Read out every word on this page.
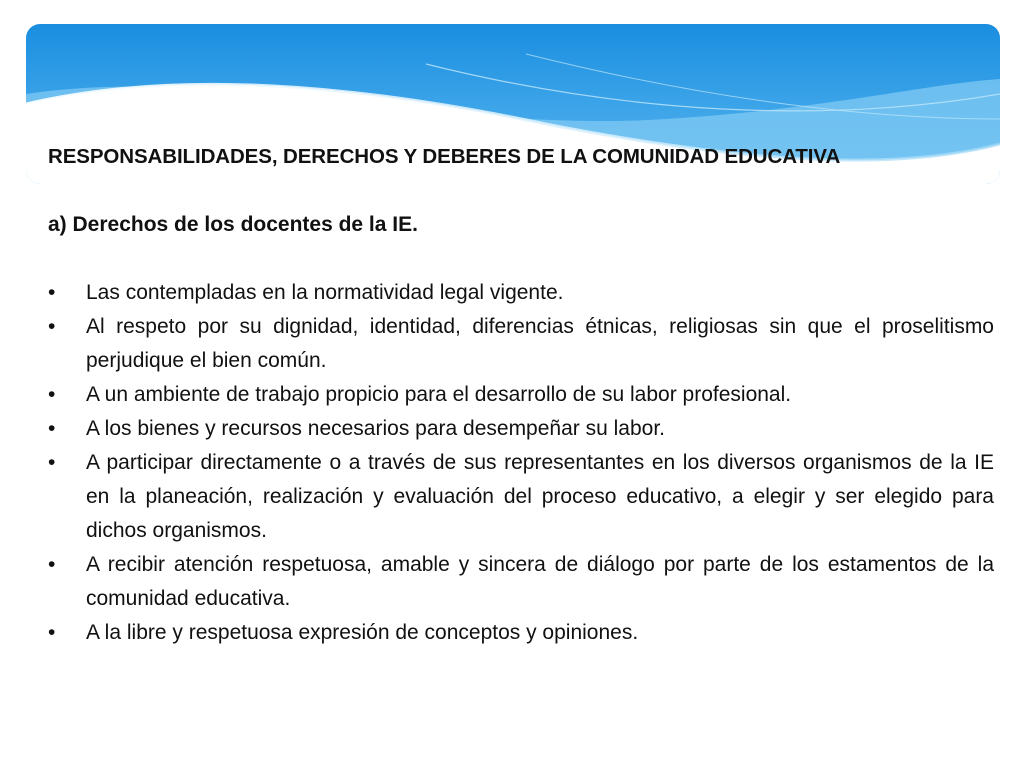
RESPONSABILIDADES, DERECHOS Y DEBERES DE LA COMUNIDAD EDUCATIVA
a) Derechos de los docentes de la IE.
•	Las contempladas en la normatividad legal vigente.
•	Al respeto por su dignidad, identidad, diferencias étnicas, religiosas sin que el proselitismo perjudique el bien común.
•	A un ambiente de trabajo propicio para el desarrollo de su labor profesional.
•	A los bienes y recursos necesarios para desempeñar su labor.
•	A participar directamente o a través de sus representantes en los diversos organismos de la IE en la planeación, realización y evaluación del proceso educativo, a elegir y ser elegido para dichos organismos.
•	A recibir atención respetuosa, amable y sincera de diálogo por parte de los estamentos de la comunidad educativa.
•	A la libre y respetuosa expresión de conceptos y opiniones.
